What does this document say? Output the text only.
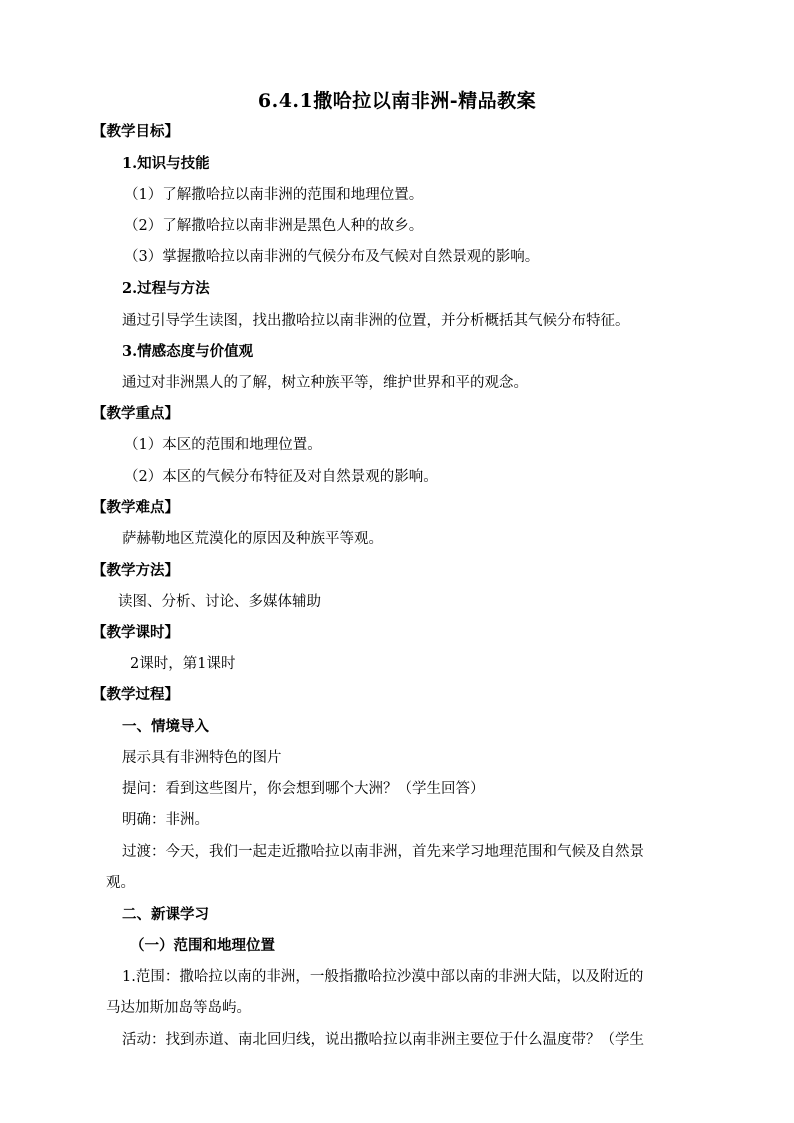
6.4.1撒哈拉以南非洲-精品教案
【教学目标】
1.知识与技能
（1）了解撒哈拉以南非洲的范围和地理位置。
（2）了解撒哈拉以南非洲是黑色人种的故乡。
（3）掌握撒哈拉以南非洲的气候分布及气候对自然景观的影响。
2.过程与方法
通过引导学生读图，找出撒哈拉以南非洲的位置，并分析概括其气候分布特征。
3.情感态度与价值观
通过对非洲黑人的了解，树立种族平等，维护世界和平的观念。
【教学重点】
（1）本区的范围和地理位置。
（2）本区的气候分布特征及对自然景观的影响。
【教学难点】
萨赫勒地区荒漠化的原因及种族平等观。
【教学方法】
读图、分析、讨论、多媒体辅助
【教学课时】
2课时，第1课时
【教学过程】
一、情境导入
展示具有非洲特色的图片
提问：看到这些图片，你会想到哪个大洲？（学生回答）
明确：非洲。
过渡：今天，我们一起走近撒哈拉以南非洲，首先来学习地理范围和气候及自然景
观。
二、新课学习
（一）范围和地理位置
1.范围：撒哈拉以南的非洲，一般指撒哈拉沙漠中部以南的非洲大陆，以及附近的
马达加斯加岛等岛屿。
活动：找到赤道、南北回归线，说出撒哈拉以南非洲主要位于什么温度带？（学生
